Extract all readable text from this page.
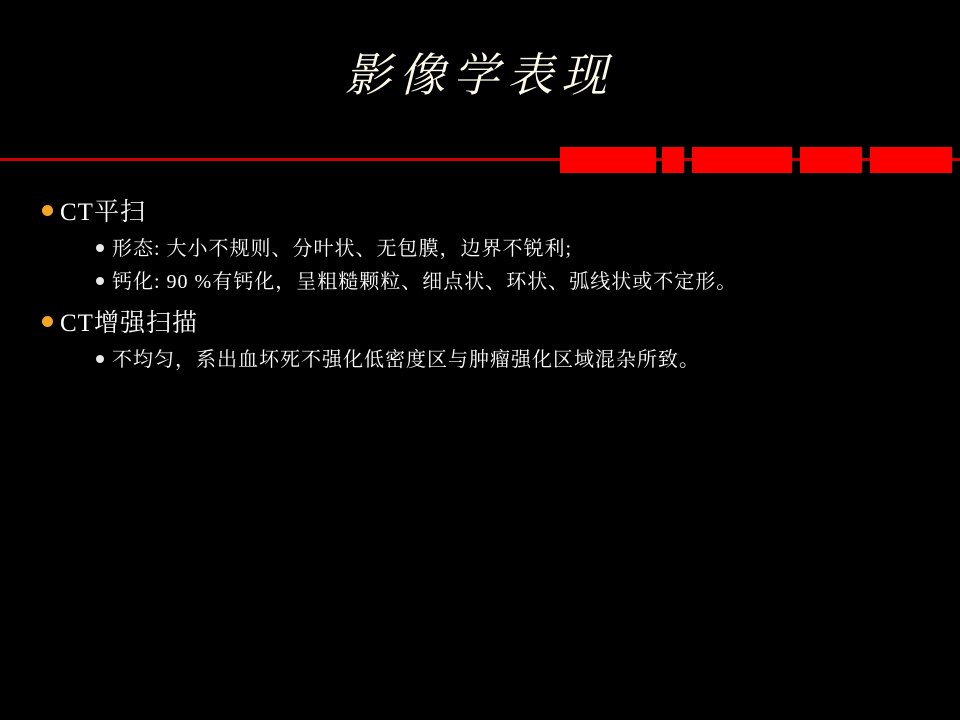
影像学表现
CT平扫
形态: 大小不规则、分叶状、无包膜，边界不锐利;
钙化: 90 %有钙化，呈粗糙颗粒、细点状、环状、弧线状或不定形。
CT增强扫描
不均匀，系出血坏死不强化低密度区与肿瘤强化区域混杂所致。
